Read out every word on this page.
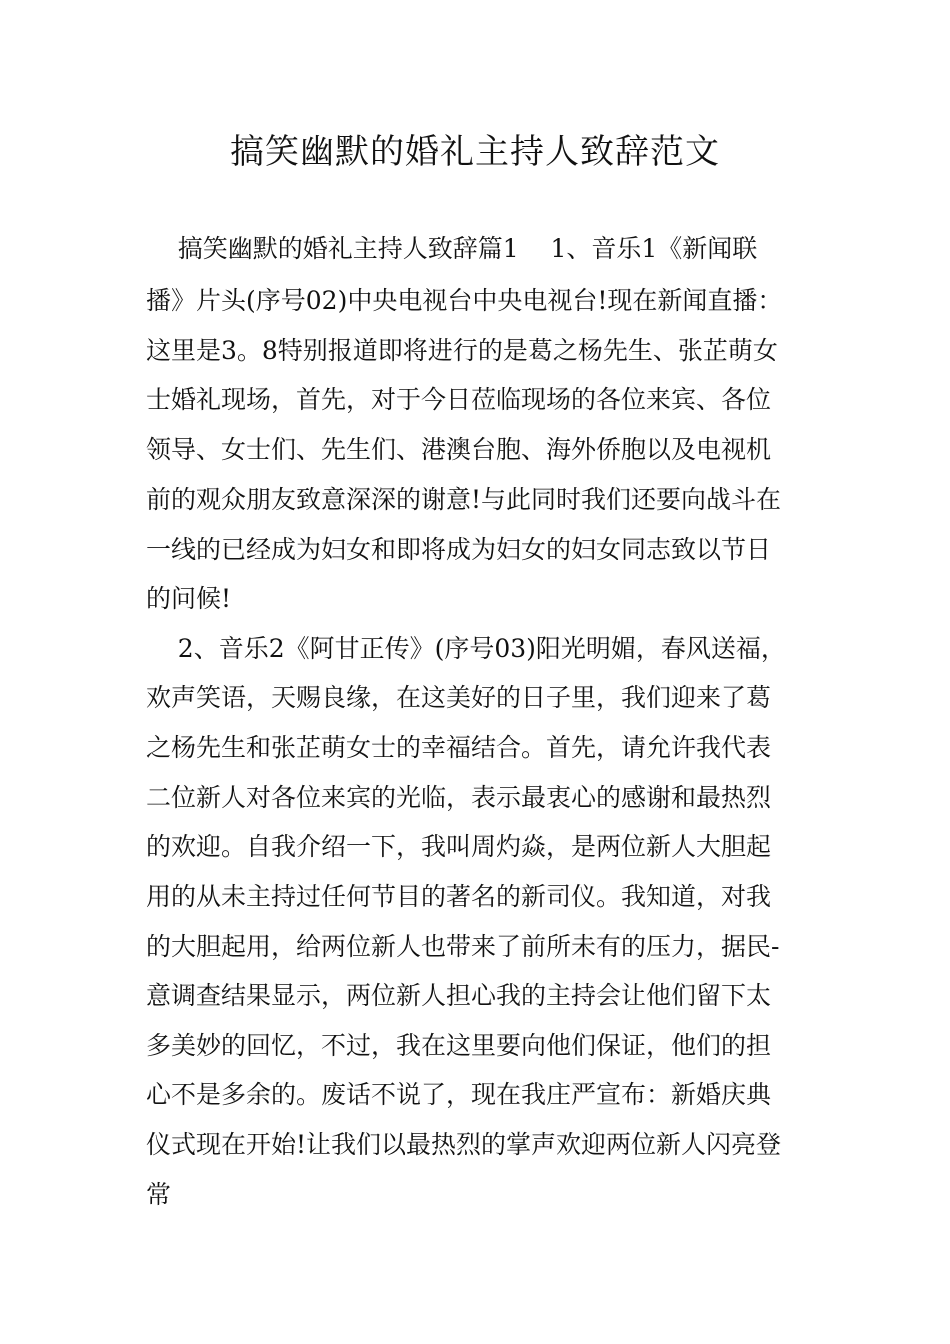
搞笑幽默的婚礼主持人致辞范文

搞笑幽默的婚礼主持人致辞篇1    1、音乐1《新闻联

播》片头(序号02)中央电视台中央电视台!现在新闻直播：

这里是3。8特别报道即将进行的是葛之杨先生、张芷萌女

士婚礼现场，首先，对于今日莅临现场的各位来宾、各位

领导、女士们、先生们、港澳台胞、海外侨胞以及电视机

前的观众朋友致意深深的谢意!与此同时我们还要向战斗在

一线的已经成为妇女和即将成为妇女的妇女同志致以节日

的问候!

2、音乐2《阿甘正传》(序号03)阳光明媚，春风送福，

欢声笑语，天赐良缘，在这美好的日子里，我们迎来了葛

之杨先生和张芷萌女士的幸福结合。首先，请允许我代表

二位新人对各位来宾的光临，表示最衷心的感谢和最热烈

的欢迎。自我介绍一下，我叫周灼焱，是两位新人大胆起

用的从未主持过任何节目的著名的新司仪。我知道，对我

的大胆起用，给两位新人也带来了前所未有的压力，据民-

意调查结果显示，两位新人担心我的主持会让他们留下太

多美妙的回忆，不过，我在这里要向他们保证，他们的担

心不是多余的。废话不说了，现在我庄严宣布：新婚庆典

仪式现在开始!让我们以最热烈的掌声欢迎两位新人闪亮登

常
